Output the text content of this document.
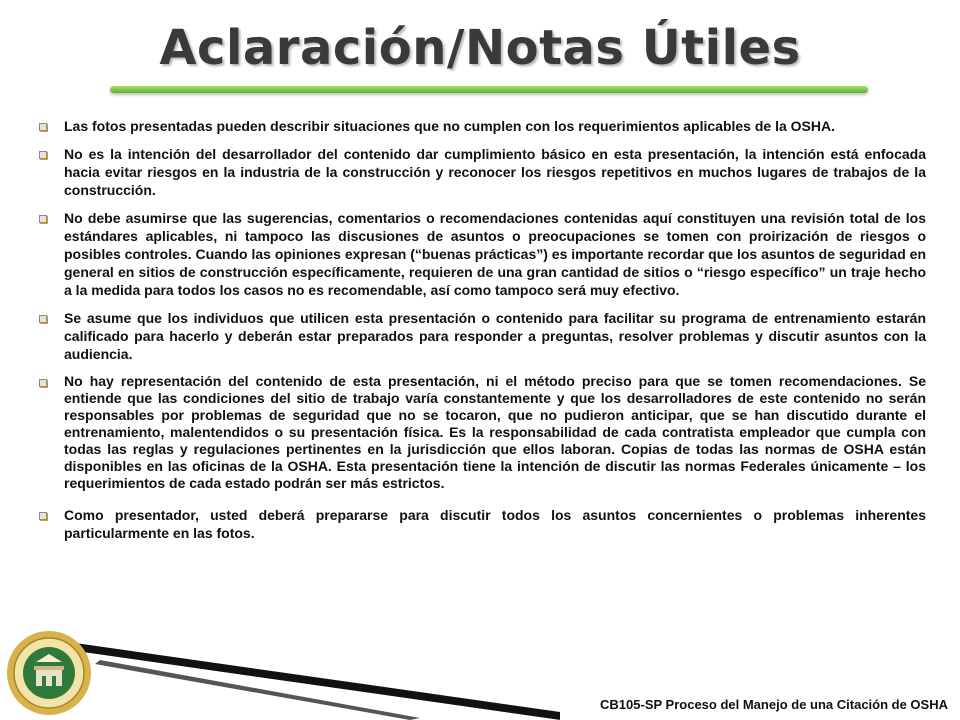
Aclaración/Notas Útiles
Las fotos presentadas pueden describir situaciones que no cumplen con los requerimientos aplicables de la OSHA.
No es la intención del desarrollador del contenido dar cumplimiento básico en esta presentación, la intención está enfocada hacia evitar riesgos en la industria de la construcción y reconocer los riesgos repetitivos en muchos lugares de trabajos de la construcción.
No debe asumirse que las sugerencias, comentarios o recomendaciones contenidas aquí constituyen una revisión total de los estándares aplicables, ni tampoco las discusiones de asuntos o preocupaciones se tomen con proirización de riesgos o posibles controles. Cuando las opiniones expresan (“buenas prácticas”) es importante recordar que los asuntos de seguridad en general en sitios de construcción específicamente, requieren de una gran cantidad de sitios o “riesgo específico” un traje hecho a la medida para todos los casos no es recomendable, así como tampoco será muy efectivo.
Se asume que los individuos que utilicen esta presentación o contenido para facilitar su programa de entrenamiento estarán calificado para hacerlo y deberán estar preparados para responder a preguntas, resolver problemas y discutir asuntos con la audiencia.
No hay representación del contenido de esta presentación, ni el método preciso para que se tomen recomendaciones. Se entiende que las condiciones del sitio de trabajo varía constantemente y que los desarrolladores de este contenido no serán responsables por problemas de seguridad que no se tocaron, que no pudieron anticipar, que se han discutido durante el entrenamiento, malentendidos o su presentación física. Es la responsabilidad de cada contratista empleador que cumpla con todas las reglas y regulaciones pertinentes en la jurisdicción que ellos laboran. Copias de todas las normas de OSHA están disponibles en las oficinas de la OSHA. Esta presentación tiene la intención de discutir las normas Federales únicamente – los requerimientos de cada estado podrán ser más estrictos.
Como presentador, usted deberá prepararse para discutir todos los asuntos concernientes o problemas inherentes particularmente en las fotos.
CB105-SP Proceso del Manejo de una Citación de OSHA
